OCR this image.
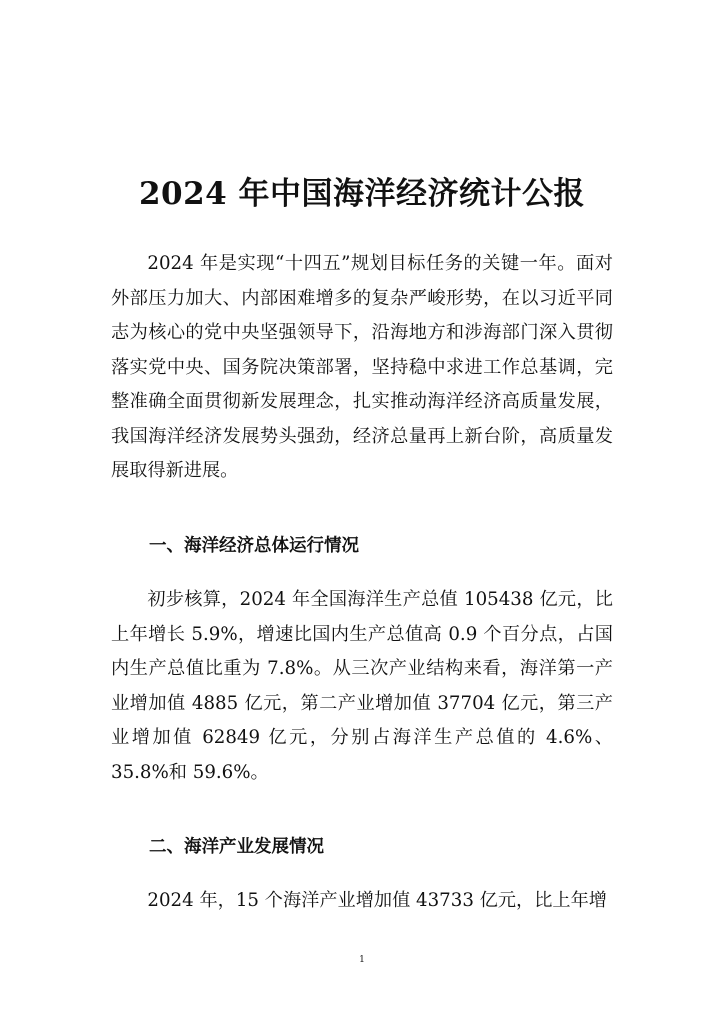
2024 年中国海洋经济统计公报

2024 年是实现“十四五”规划目标任务的关键一年。面对外部压力加大、内部困难增多的复杂严峻形势，在以习近平同志为核心的党中央坚强领导下，沿海地方和涉海部门深入贯彻落实党中央、国务院决策部署，坚持稳中求进工作总基调，完整准确全面贯彻新发展理念，扎实推动海洋经济高质量发展，我国海洋经济发展势头强劲，经济总量再上新台阶，高质量发展取得新进展。

一、海洋经济总体运行情况

初步核算，2024 年全国海洋生产总值 105438 亿元，比上年增长 5.9%，增速比国内生产总值高 0.9 个百分点，占国内生产总值比重为 7.8%。从三次产业结构来看，海洋第一产业增加值 4885 亿元，第二产业增加值 37704 亿元，第三产业增加值 62849 亿元，分别占海洋生产总值的 4.6%、35.8%和 59.6%。

二、海洋产业发展情况

2024 年，15 个海洋产业增加值 43733 亿元，比上年增

1
